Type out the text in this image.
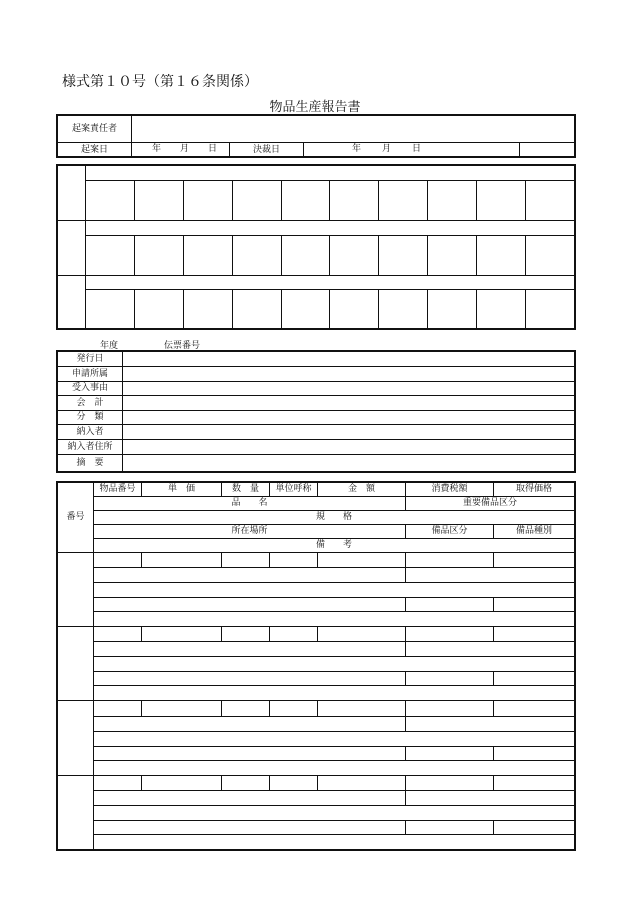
様式第１０号（第１６条関係）
物品生産報告書
起案責任者				
起案日	年 月 日	決裁日	年 月 日	

年度	伝票番号
発行日	
申請所属	
受入事由	
会　計	
分　類	
納入者	
納入者住所	
摘　要	
番号	物品番号	単　価	数　量	単位呼称	金　額	消費税額	取得価格
	品　　名					重要備品区分	
	規　　格						
	所在場所					備品区分	備品種別
	備　　考						
